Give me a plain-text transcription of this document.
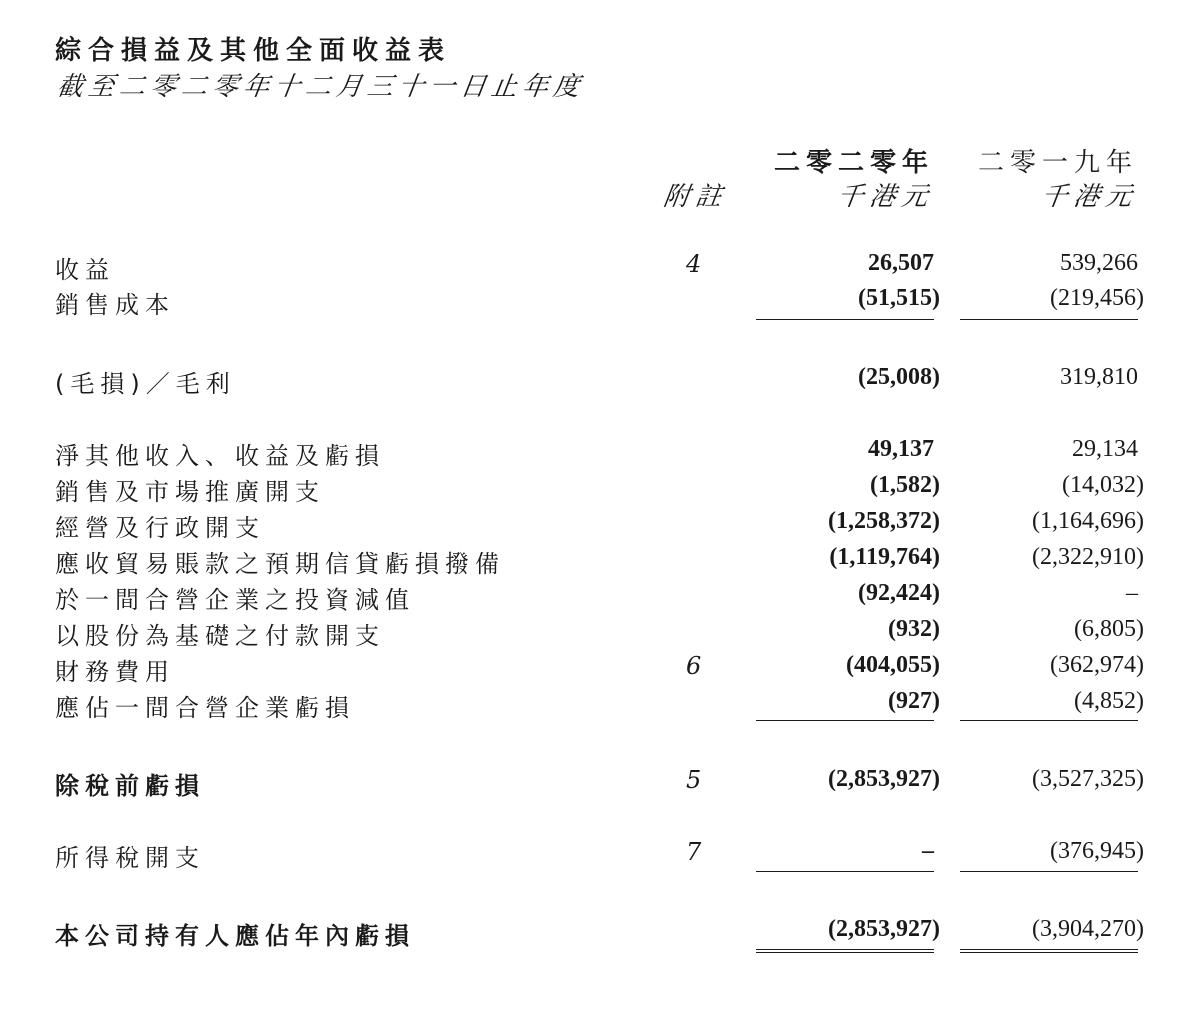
綜合損益及其他全面收益表
截至二零二零年十二月三十一日止年度
二零二零年 二零一九年
附註	千港元	千港元
收益	4	26,507	539,266
銷售成本	(51,515)	(219,456)
(毛損)／毛利	(25,008)	319,810
淨其他收入、收益及虧損	49,137	29,134
銷售及市場推廣開支	(1,582)	(14,032)
經營及行政開支	(1,258,372)	(1,164,696)
應收貿易賬款之預期信貸虧損撥備	(1,119,764)	(2,322,910)
於一間合營企業之投資減值	(92,424)	–
以股份為基礎之付款開支	(932)	(6,805)
財務費用	6	(404,055)	(362,974)
應佔一間合營企業虧損	(927)	(4,852)
除稅前虧損	5	(2,853,927)	(3,527,325)
所得稅開支	7	–	(376,945)
本公司持有人應佔年內虧損	(2,853,927)	(3,904,270)
